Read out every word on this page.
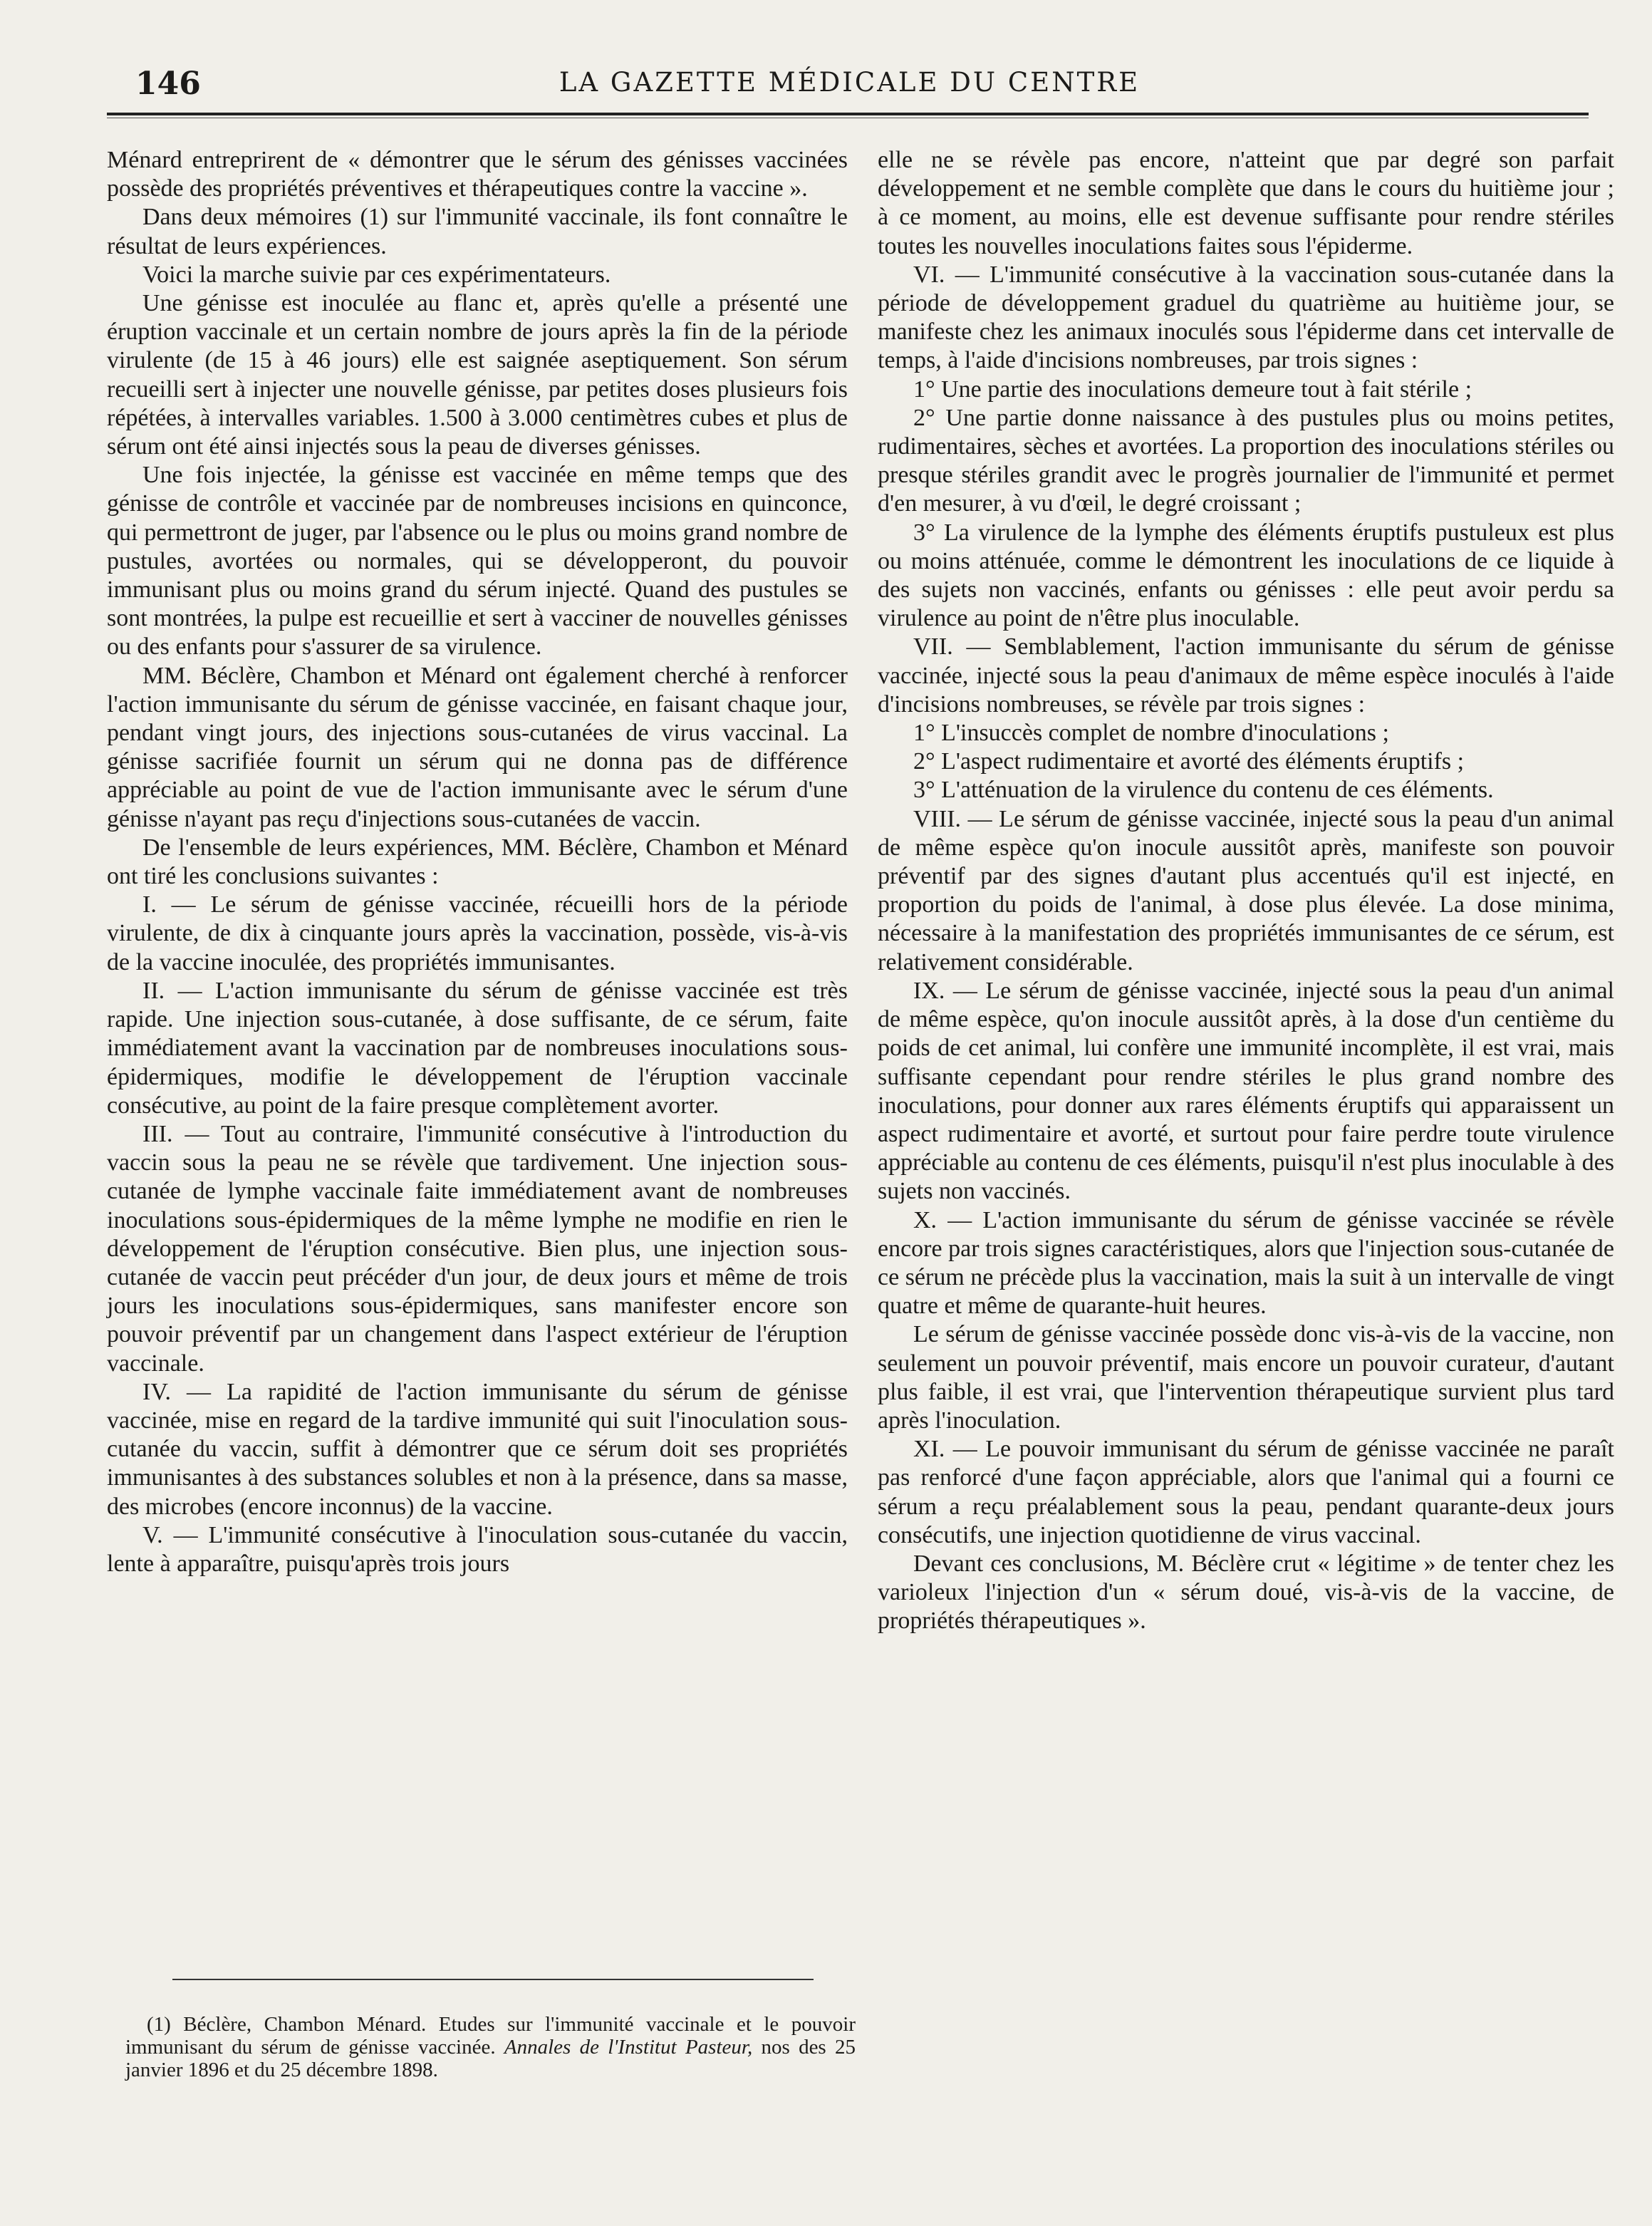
146	LA GAZETTE MÉDICALE DU CENTRE

Ménard entreprirent de « démontrer que le sérum des génisses vaccinées possède des propriétés préventives et thérapeutiques contre la vaccine ».

Dans deux mémoires (1) sur l'immunité vaccinale, ils font connaître le résultat de leurs expériences.

Voici la marche suivie par ces expérimentateurs.

Une génisse est inoculée au flanc et, après qu'elle a présenté une éruption vaccinale et un certain nombre de jours après la fin de la période virulente (de 15 à 46 jours) elle est saignée aseptiquement. Son sérum recueilli sert à injecter une nouvelle génisse, par petites doses plusieurs fois répétées, à intervalles variables. 1.500 à 3.000 centimètres cubes et plus de sérum ont été ainsi injectés sous la peau de diverses génisses.

Une fois injectée, la génisse est vaccinée en même temps que des génisse de contrôle et vaccinée par de nombreuses incisions en quinconce, qui permettront de juger, par l'absence ou le plus ou moins grand nombre de pustules, avortées ou normales, qui se développeront, du pouvoir immunisant plus ou moins grand du sérum injecté. Quand des pustules se sont montrées, la pulpe est recueillie et sert à vacciner de nouvelles génisses ou des enfants pour s'assurer de sa virulence.

MM. Béclère, Chambon et Ménard ont également cherché à renforcer l'action immunisante du sérum de génisse vaccinée, en faisant chaque jour, pendant vingt jours, des injections sous-cutanées de virus vaccinal. La génisse sacrifiée fournit un sérum qui ne donna pas de différence appréciable au point de vue de l'action immunisante avec le sérum d'une génisse n'ayant pas reçu d'injections sous-cutanées de vaccin.

De l'ensemble de leurs expériences, MM. Béclère, Chambon et Ménard ont tiré les conclusions suivantes :

I. — Le sérum de génisse vaccinée, récueilli hors de la période virulente, de dix à cinquante jours après la vaccination, possède, vis-à-vis de la vaccine inoculée, des propriétés immunisantes.

II. — L'action immunisante du sérum de génisse vaccinée est très rapide. Une injection sous-cutanée, à dose suffisante, de ce sérum, faite immédiatement avant la vaccination par de nombreuses inoculations sous-épidermiques, modifie le développement de l'éruption vaccinale consécutive, au point de la faire presque complètement avorter.

III. — Tout au contraire, l'immunité consécutive à l'introduction du vaccin sous la peau ne se révèle que tardivement. Une injection sous-cutanée de lymphe vaccinale faite immédiatement avant de nombreuses inoculations sous-épidermiques de la même lymphe ne modifie en rien le développement de l'éruption consécutive. Bien plus, une injection sous-cutanée de vaccin peut précéder d'un jour, de deux jours et même de trois jours les inoculations sous-épidermiques, sans manifester encore son pouvoir préventif par un changement dans l'aspect extérieur de l'éruption vaccinale.

IV. — La rapidité de l'action immunisante du sérum de génisse vaccinée, mise en regard de la tardive immunité qui suit l'inoculation sous-cutanée du vaccin, suffit à démontrer que ce sérum doit ses propriétés immunisantes à des substances solubles et non à la présence, dans sa masse, des microbes (encore inconnus) de la vaccine.

V. — L'immunité consécutive à l'inoculation sous-cutanée du vaccin, lente à apparaître, puisqu'après trois jours

elle ne se révèle pas encore, n'atteint que par degré son parfait développement et ne semble complète que dans le cours du huitième jour ; à ce moment, au moins, elle est devenue suffisante pour rendre stériles toutes les nouvelles inoculations faites sous l'épiderme.

VI. — L'immunité consécutive à la vaccination sous-cutanée dans la période de développement graduel du quatrième au huitième jour, se manifeste chez les animaux inoculés sous l'épiderme dans cet intervalle de temps, à l'aide d'incisions nombreuses, par trois signes :

1° Une partie des inoculations demeure tout à fait stérile ;

2° Une partie donne naissance à des pustules plus ou moins petites, rudimentaires, sèches et avortées. La proportion des inoculations stériles ou presque stériles grandit avec le progrès journalier de l'immunité et permet d'en mesurer, à vu d'œil, le degré croissant ;

3° La virulence de la lymphe des éléments éruptifs pustuleux est plus ou moins atténuée, comme le démontrent les inoculations de ce liquide à des sujets non vaccinés, enfants ou génisses : elle peut avoir perdu sa virulence au point de n'être plus inoculable.

VII. — Semblablement, l'action immunisante du sérum de génisse vaccinée, injecté sous la peau d'animaux de même espèce inoculés à l'aide d'incisions nombreuses, se révèle par trois signes :

1° L'insuccès complet de nombre d'inoculations ;

2° L'aspect rudimentaire et avorté des éléments éruptifs ;

3° L'atténuation de la virulence du contenu de ces éléments.

VIII. — Le sérum de génisse vaccinée, injecté sous la peau d'un animal de même espèce qu'on inocule aussitôt après, manifeste son pouvoir préventif par des signes d'autant plus accentués qu'il est injecté, en proportion du poids de l'animal, à dose plus élevée. La dose minima, nécessaire à la manifestation des propriétés immunisantes de ce sérum, est relativement considérable.

IX. — Le sérum de génisse vaccinée, injecté sous la peau d'un animal de même espèce, qu'on inocule aussitôt après, à la dose d'un centième du poids de cet animal, lui confère une immunité incomplète, il est vrai, mais suffisante cependant pour rendre stériles le plus grand nombre des inoculations, pour donner aux rares éléments éruptifs qui apparaissent un aspect rudimentaire et avorté, et surtout pour faire perdre toute virulence appréciable au contenu de ces éléments, puisqu'il n'est plus inoculable à des sujets non vaccinés.

X. — L'action immunisante du sérum de génisse vaccinée se révèle encore par trois signes caractéristiques, alors que l'injection sous-cutanée de ce sérum ne précède plus la vaccination, mais la suit à un intervalle de vingt quatre et même de quarante-huit heures.

Le sérum de génisse vaccinée possède donc vis-à-vis de la vaccine, non seulement un pouvoir préventif, mais encore un pouvoir curateur, d'autant plus faible, il est vrai, que l'intervention thérapeutique survient plus tard après l'inoculation.

XI. — Le pouvoir immunisant du sérum de génisse vaccinée ne paraît pas renforcé d'une façon appréciable, alors que l'animal qui a fourni ce sérum a reçu préalablement sous la peau, pendant quarante-deux jours consécutifs, une injection quotidienne de virus vaccinal.

Devant ces conclusions, M. Béclère crut « légitime » de tenter chez les varioleux l'injection d'un « sérum doué, vis-à-vis de la vaccine, de propriétés thérapeutiques ».

(1) Béclère, Chambon Ménard. Etudes sur l'immunité vaccinale et le pouvoir immunisant du sérum de génisse vaccinée. Annales de l'Institut Pasteur, nos des 25 janvier 1896 et du 25 décembre 1898.
